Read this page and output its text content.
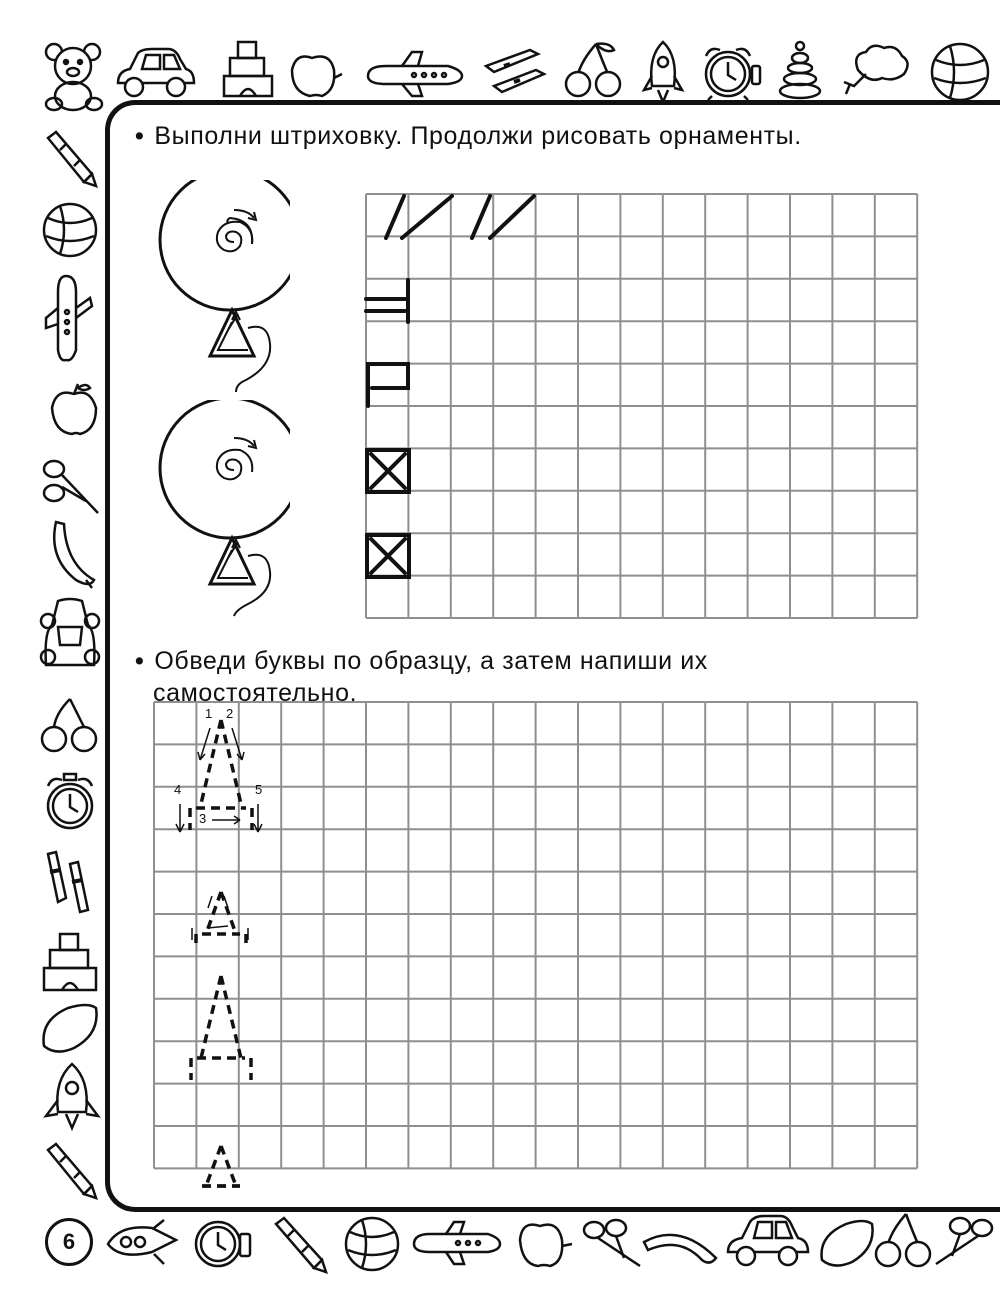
• Выполни штриховку. Продолжи рисовать орнаменты.
• Обведи буквы по образцу, а затем напиши их
самостоятельно.
1 2
3
4	5
6
